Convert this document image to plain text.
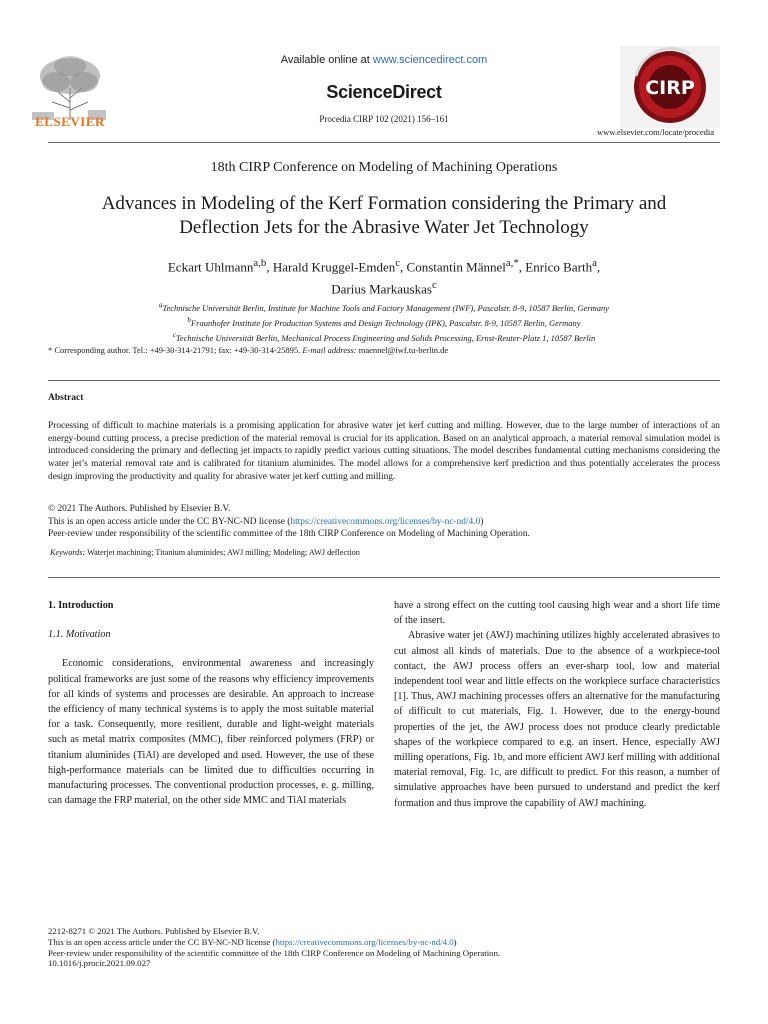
ELSEVIER
Available online at www.sciencedirect.com
ScienceDirect
Procedia CIRP 102 (2021) 156–161
CIRP
www.elsevier.com/locate/procedia
18th CIRP Conference on Modeling of Machining Operations
Advances in Modeling of the Kerf Formation considering the Primary and
Deflection Jets for the Abrasive Water Jet Technology
Eckart Uhlmann$^{a,b}$, Harald Kruggel-Emden$^c$, Constantin Männel$^{a,*}$, Enrico Barth$^a$,
Darius Markauskas$^c$
$^a$Technische Universität Berlin, Institute for Machine Tools and Factory Management (IWF), Pascalstr. 8-9, 10587 Berlin, Germany
$^b$Fraunhofer Institute for Production Systems and Design Technology (IPK), Pascalstr. 8-9, 10587 Berlin, Germany
$^c$Technische Universität Berlin, Mechanical Process Engineering and Solids Processing, Ernst-Reuter-Platz 1, 10587 Berlin
* Corresponding author. Tel.: +49-30-314-21791; fax: +49-30-314-25895. E-mail address: maennel@iwf.tu-berlin.de
Abstract
Processing of difficult to machine materials is a promising application for abrasive water jet kerf cutting and milling. However, due to the large number of interactions of an energy-bound cutting process, a precise prediction of the material removal is crucial for its application. Based on an analytical approach, a material removal simulation model is introduced considering the primary and deflecting jet impacts to rapidly predict various cutting situations. The model describes fundamental cutting mechanisms considering the water jet’s material removal rate and is calibrated for titanium aluminides. The model allows for a comprehensive kerf prediction and thus potentially accelerates the process design improving the productivity and quality for abrasive water jet kerf cutting and milling.
© 2021 The Authors. Published by Elsevier B.V.
This is an open access article under the CC BY-NC-ND license (https://creativecommons.org/licenses/by-nc-nd/4.0)
Peer-review under responsibility of the scientific committee of the 18th CIRP Conference on Modeling of Machining Operation.
Keywords: Waterjet machining; Titanium aluminides; AWJ milling; Modeling; AWJ deflection
1. Introduction
1.1. Motivation

Economic considerations, environmental awareness and increasingly political frameworks are just some of the reasons why efficiency improvements for all kinds of systems and processes are desirable. An approach to increase the efficiency of many technical systems is to apply the most suitable material for a task. Consequently, more resilient, durable and light-weight materials such as metal matrix composites (MMC), fiber reinforced polymers (FRP) or titanium aluminides (TiAl) are developed and used. However, the use of these high-performance materials can be limited due to difficulties occurring in manufacturing processes. The conventional production processes, e. g. milling, can damage the FRP material, on the other side MMC and TiAl materials

have a strong effect on the cutting tool causing high wear and a short life time of the insert.

Abrasive water jet (AWJ) machining utilizes highly accelerated abrasives to cut almost all kinds of materials. Due to the absence of a workpiece-tool contact, the AWJ process offers an ever-sharp tool, low and material independent tool wear and little effects on the workpiece surface characteristics [1]. Thus, AWJ machining processes offers an alternative for the manufacturing of difficult to cut materials, Fig. 1. However, due to the energy-bound properties of the jet, the AWJ process does not produce clearly predictable shapes of the workpiece compared to e.g. an insert. Hence, especially AWJ milling operations, Fig. 1b, and more efficient AWJ kerf milling with additional material removal, Fig. 1c, are difficult to predict. For this reason, a number of simulative approaches have been pursued to understand and predict the kerf formation and thus improve the capability of AWJ machining.

2212-8271 © 2021 The Authors. Published by Elsevier B.V.
This is an open access article under the CC BY-NC-ND license (https://creativecommons.org/licenses/by-nc-nd/4.0)
Peer-review under responsibility of the scientific committee of the 18th CIRP Conference on Modeling of Machining Operation.
10.1016/j.procir.2021.09.027
